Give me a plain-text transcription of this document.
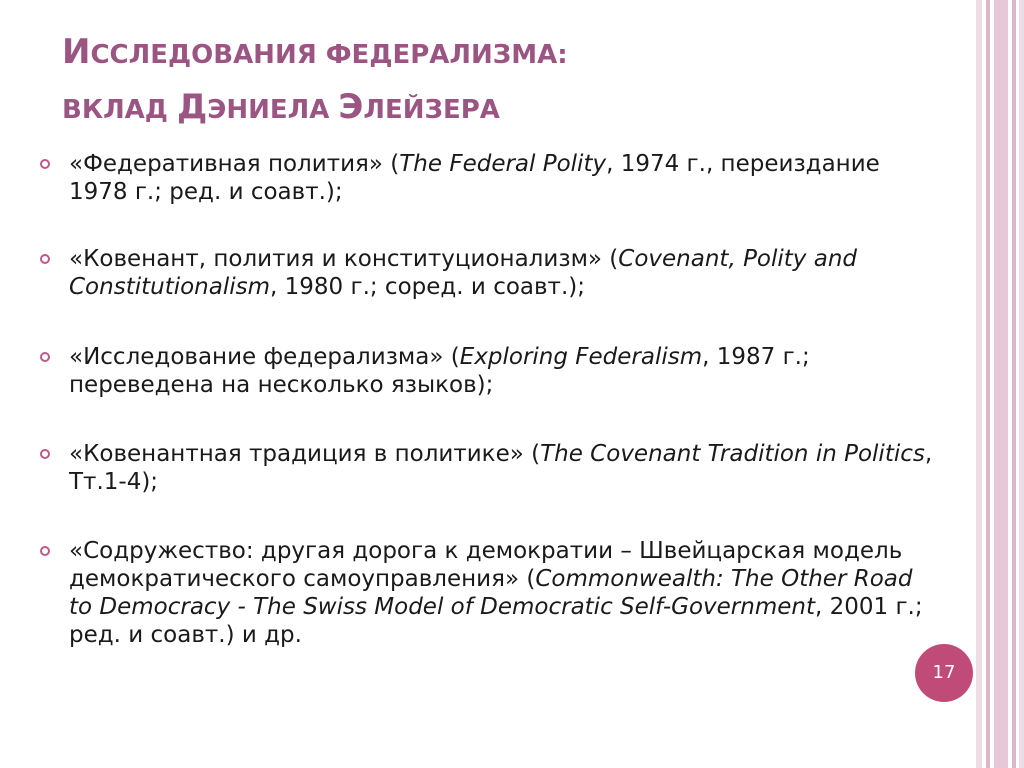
ИССЛЕДОВАНИЯ ФЕДЕРАЛИЗМА:
ВКЛАД ДЭНИЕЛА ЭЛЕЙЗЕРА
«Федеративная полития» (The Federal Polity, 1974 г., переиздание 1978 г.; ред. и соавт.);
«Ковенант, полития и конституционализм» (Covenant, Polity and Constitutionalism, 1980 г.; соред. и соавт.);
«Исследование федерализма» (Exploring Federalism, 1987 г.; переведена на несколько языков);
«Ковенантная традиция в политике» (The Covenant Tradition in Politics, Тт.1-4);
«Содружество: другая дорога к демократии – Швейцарская модель демократического самоуправления» (Commonwealth: The Other Road to Democracy - The Swiss Model of Democratic Self-Government, 2001 г.; ред. и соавт.) и др.
17
